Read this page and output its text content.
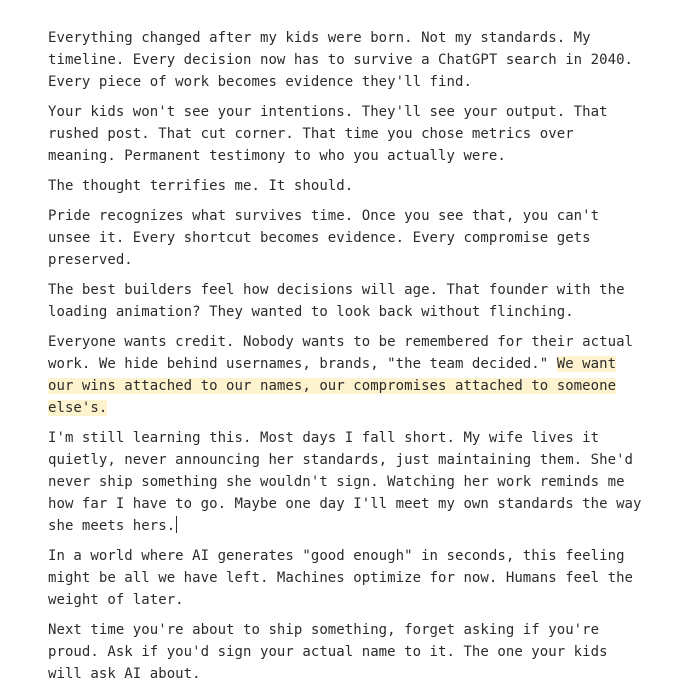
Everything changed after my kids were born. Not my standards. My
timeline. Every decision now has to survive a ChatGPT search in 2040.
Every piece of work becomes evidence they'll find.

Your kids won't see your intentions. They'll see your output. That
rushed post. That cut corner. That time you chose metrics over
meaning. Permanent testimony to who you actually were.

The thought terrifies me. It should.

Pride recognizes what survives time. Once you see that, you can't
unsee it. Every shortcut becomes evidence. Every compromise gets
preserved.

The best builders feel how decisions will age. That founder with the
loading animation? They wanted to look back without flinching.

Everyone wants credit. Nobody wants to be remembered for their actual
work. We hide behind usernames, brands, "the team decided." We want
our wins attached to our names, our compromises attached to someone
else's.

I'm still learning this. Most days I fall short. My wife lives it
quietly, never announcing her standards, just maintaining them. She'd
never ship something she wouldn't sign. Watching her work reminds me
how far I have to go. Maybe one day I'll meet my own standards the way
she meets hers.

In a world where AI generates "good enough" in seconds, this feeling
might be all we have left. Machines optimize for now. Humans feel the
weight of later.

Next time you're about to ship something, forget asking if you're
proud. Ask if you'd sign your actual name to it. The one your kids
will ask AI about.
